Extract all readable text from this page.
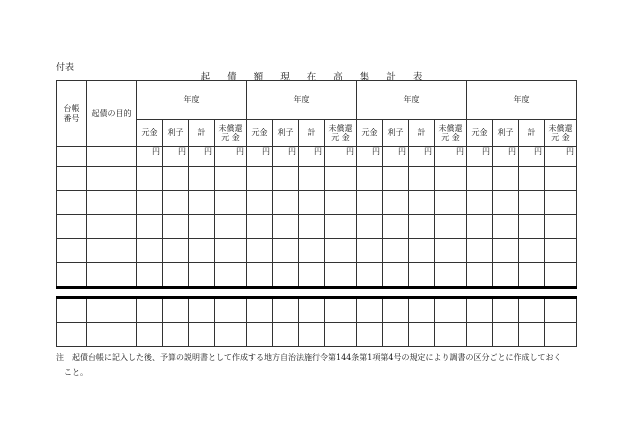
付表
起 債 額 現 在 高 集 計 表
台帳番号	起債の目的	年度				年度				年度				年度			
		元金	利子	計	未償還元 金	元金	利子	計	未償還元 金	元金	利子	計	未償還元 金	元金	利子	計	未償還元 金
		円	円	円	円	円	円	円	円	円	円	円	円	円	円	円	円

注　起債台帳に記入した後、予算の説明書として作成する地方自治法施行令第144条第1項第4号の規定により調書の区分ごとに作成しておく
こと。
